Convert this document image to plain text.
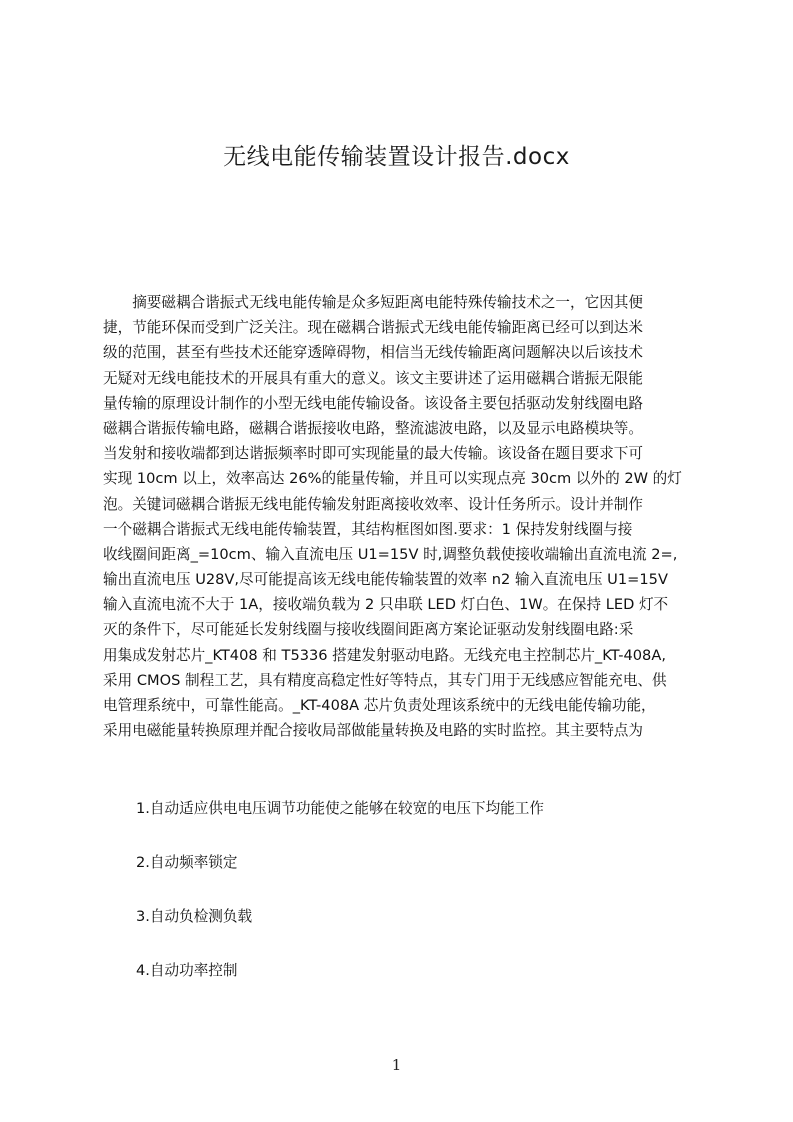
无线电能传输装置设计报告.docx
　　摘要磁耦合谐振式无线电能传输是众多短距离电能特殊传输技术之一，它因其便
捷，节能环保而受到广泛关注。现在磁耦合谐振式无线电能传输距离已经可以到达米
级的范围，甚至有些技术还能穿透障碍物，相信当无线传输距离问题解决以后该技术
无疑对无线电能技术的开展具有重大的意义。该文主要讲述了运用磁耦合谐振无限能
量传输的原理设计制作的小型无线电能传输设备。该设备主要包括驱动发射线圈电路
磁耦合谐振传输电路，磁耦合谐振接收电路，整流滤波电路，以及显示电路模块等。
当发射和接收端都到达谐振频率时即可实现能量的最大传输。该设备在题目要求下可
实现 10cm 以上，效率高达 26%的能量传输，并且可以实现点亮 30cm 以外的 2W 的灯
泡。关键词磁耦合谐振无线电能传输发射距离接收效率、设计任务所示。设计并制作
一个磁耦合谐振式无线电能传输装置，其结构框图如图.要求：1 保持发射线圈与接
收线圈间距离_=10cm、输入直流电压 U1=15V 时,调整负载使接收端输出直流电流 2=,
输出直流电压 U28V,尽可能提高该无线电能传输装置的效率 n2 输入直流电压 U1=15V
输入直流电流不大于 1A，接收端负载为 2 只串联 LED 灯白色、1W。在保持 LED 灯不
灭的条件下，尽可能延长发射线圈与接收线圈间距离方案论证驱动发射线圈电路:采
用集成发射芯片_KT408 和 T5336 搭建发射驱动电路。无线充电主控制芯片_KT-408A,
采用 CMOS 制程工艺，具有精度高稳定性好等特点，其专门用于无线感应智能充电、供
电管理系统中，可靠性能高。_KT-408A 芯片负责处理该系统中的无线电能传输功能，
采用电磁能量转换原理并配合接收局部做能量转换及电路的实时监控。其主要特点为
1.自动适应供电电压调节功能使之能够在较宽的电压下均能工作
2.自动频率锁定
3.自动负检测负载
4.自动功率控制
1
